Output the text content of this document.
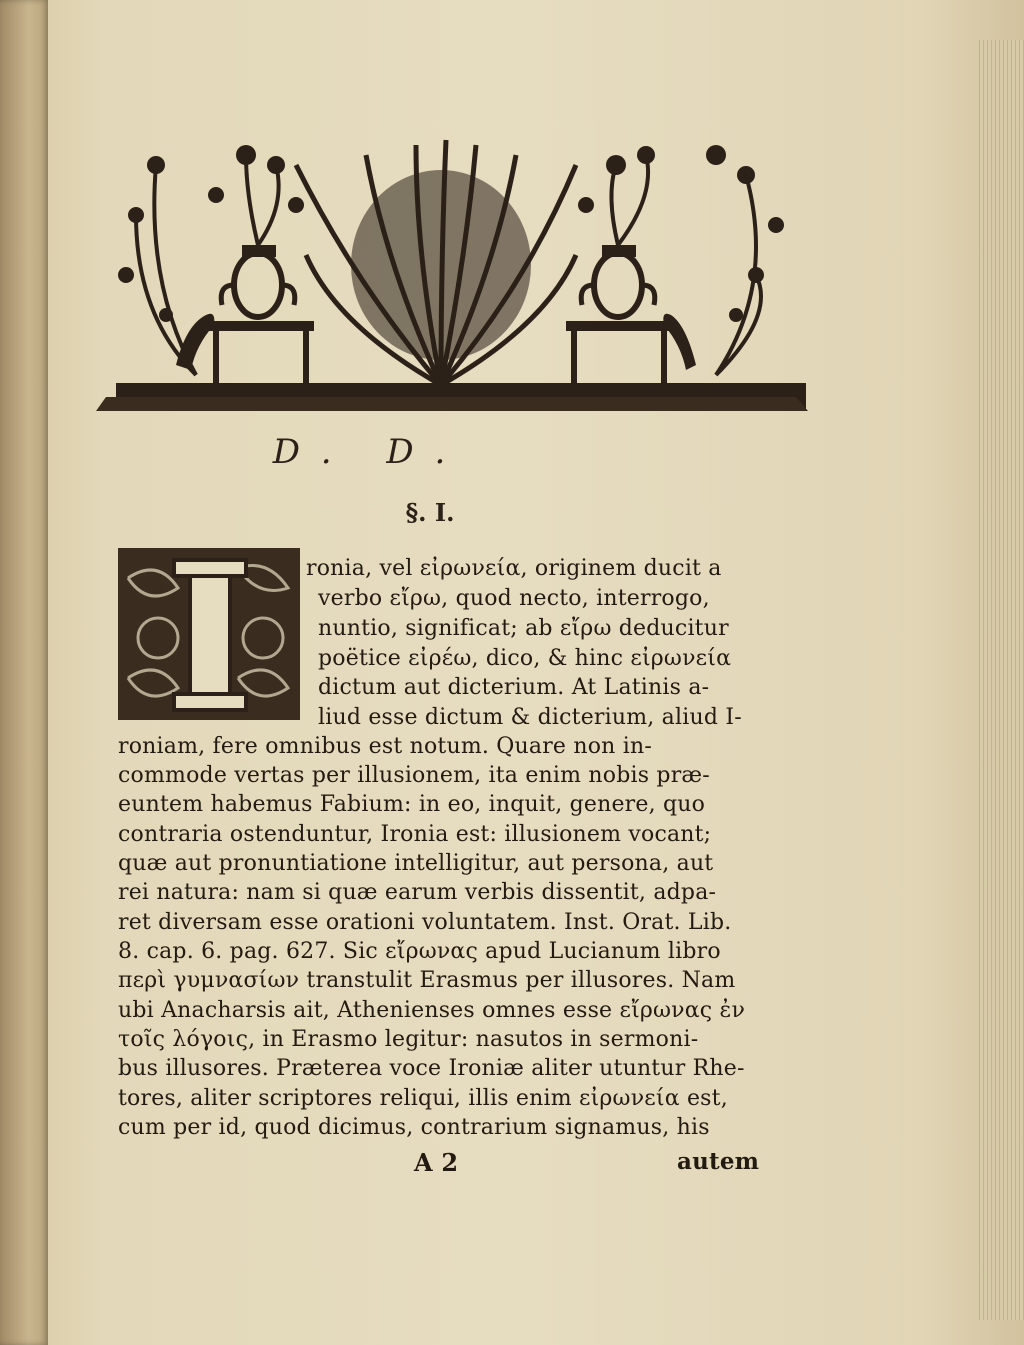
D. D.
§. I.
ronia, vel εἰρωνεία, originem ducit a
verbo εἴρω, quod necto, interrogo,
nuntio, significat; ab εἴρω deducitur
poëtice εἰρέω, dico, & hinc εἰρωνεία
dictum aut dicterium. At Latinis a-
liud esse dictum & dicterium, aliud I-
roniam, fere omnibus est notum. Quare non in-
commode vertas per illusionem, ita enim nobis præ-
euntem habemus Fabium: in eo, inquit, genere, quo
contraria ostenduntur, Ironia est: illusionem vocant;
quæ aut pronuntiatione intelligitur, aut persona, aut
rei natura: nam si quæ earum verbis dissentit, adpa-
ret diversam esse orationi voluntatem. Inst. Orat. Lib.
8. cap. 6. pag. 627. Sic εἴρωνας apud Lucianum libro
περὶ γυμνασίων transtulit Erasmus per illusores. Nam
ubi Anacharsis ait, Athenienses omnes esse εἴρωνας ἐν
τοῖς λόγοις, in Erasmo legitur: nasutos in sermoni-
bus illusores. Præterea voce Ironiæ aliter utuntur Rhe-
tores, aliter scriptores reliqui, illis enim εἰρωνεία est,
cum per id, quod dicimus, contrarium signamus, his
A 2	autem
